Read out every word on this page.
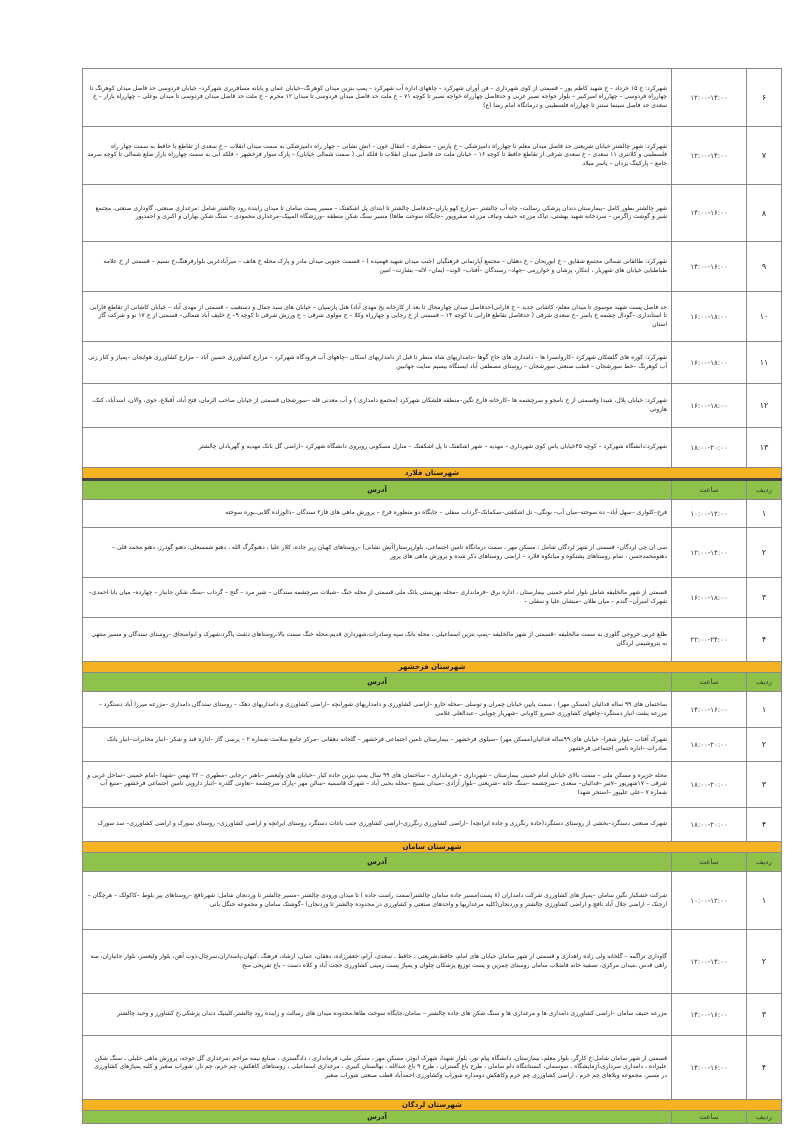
۶	۱۲:۰۰-۱۴:۰۰	شهرکرد: خ ۱۵ خرداد – خ شهید کاظم پور – قسمتی از کوی شهرداری – فن آوران شهرکرد – چاههای اداره آب شهرکرد – پمپ بنزین میدان کوهرنگ–خیابان عمان و پایانه مسافربری شهرکرد– خیابان فردوسی حد فاصل میدان کوهرنگ تا چهارراه فردوسی – چهارراه امیرکبیر – بلوار خواجه نصیر غربی و حدفاصل چهارراه خواجه نصیر تا کوچه ۷۱ – خ ملت حد فاصل میدان فردوسی تا میدان ۱۲ محرم – خ ملت حد فاصل میدان فردوسی تا میدان بوعلی – چهارراه بازار – خ سعدی حد فاصل سینما ستنر تا چهارراه فلسطینی و درمانگاه امام رضا (ع)
۷	۱۲:۰۰-۱۴:۰۰	شهرکرد: شهر چالشتر خیابان شریعتی حد فاصل میدان معلم تا چهارراه دامپزشکی – خ پارس – منتظری – انتقال خون – اتش نشانی – چهار راه دامپزشکی به سمت میدان انقلاب – خ سعدی از تقاطع با حافظ به سمت چهار راه فلسطینی و کلانتری ۱۱ سعدی – خ سعدی شرقی از تقاطع حافظ تا کوچه ۱۶ – خیابان ملت حد فاصل میدان انقلاب تا فلکه آبی ( سمت شمالی خیابان) – پارک سوار فرخشهر – فلکه آبی به سمت چهارراه بازار ضلع شمالی تا کوچه سرمد جامع – پارکینگ یزدان – یاسر میلاد
۸	۱۴:۰۰-۱۶:۰۰	شهر چالشتر بطور کامل –بیمارستان دندان پزشکی رسالت– چاه آب چالشتر –مزارع کهو یاران–حدفاصل چالشتر تا ابتدای پل اشکفتک – مسیر پست سامان تا میدان زاینده رود چالشتر شامل :مرغداری صنعتی، گاوداری صنعتی، مجتمع شیر و گوشت زاگرس – سردخانه شهید بهشتی، تیاک مزرعه حنیف ونیاف مزرعه صفروپور –جایگاه سوخت طاها) مسیر سنگ شکن منطقه –ورزشگاه المپیک–مرغداری محمودی – سنگ شکن بهاران و اکبری و احمدپور
۹	۱۴:۰۰-۱۶:۰۰	شهرکرد: طالقانی شمالی مجتمع شقایق – خ ابوریحان – خ دهقان – مجتمع آپارتمانی فرهنگیان (جنب میدان شهید فهمیده ) – قسمت جنوبی میدان مادر و پارک محله خ هاتف – میرآبادغربی بلوارفرهنگ،خ نسیم – قسمتی از خ علامه طباطبایی خیابان های شهریار ، ابتکار، پزشان و خوارزمی –جهاد– رسندگان –آفتاب– الوند– ایمان– لاله– بشارت– امین
۱۰	۱۶:۰۰-۱۸:۰۰	حد فاصل پست شهید موسوی تا میدان معلم- کاشانی جدید – خ فارابی(حدفاصل میدان چهارمحال تا بعد از کارخانه یخ مهدی آباد) هتل پارسیان – خیابان های سید جمال و دستغیب – قسمتی از مهدی آباد – خیابان کاشانی از تقاطع فارابی تا استانداری –گودال چشمه خ یاسر –خ سعدی شرقی ( حدفاصل تقاطع فارابی تا کوچه ۱۴ – قسمتی از خ رجایی و چهارراه وکلا – خ مولوی شرقی – خ ورزش شرقی تا کوچه ۹– خ خلیف آباد شمالی– قسمتی از خ ۱۷ نو و شرکت گاز استان
۱۱	۱۶:۰۰-۱۸:۰۰	شهرکرد: کوره های گلشکان شهرکرد –کاروانسرا ها – دامداری های حاج گوها –دامداریهای شاه منظر تا قبل از دامداریهای اسکان –چاههای آب فرودگاه شهرکرد – مزارع کشاورزی حسین آباد – مزارع کشاورزی هوایجان –پمپاژ و کنار زنی آب کوهرنگ –خط سورشجان – قطب صنعتی سورشجان – روستای مصطفی آباد ایستگاه بیسیم سایت جهانبین
۱۲	۱۶:۰۰-۱۸:۰۰	شهرکرد: خیابان پلال، شیدا وقسمتی از خ نامجو و سرچشمه ها –کارخانه فارج نگین–منطقه فلشکان شهرکرد (مجتمع دامداری ) و آب معدنی قله –سورشجان قسمتی از خیابان صاحب الزمان، فتح آباد، آقبلاغ، خوی، والان، اسدآباد، کنک، هارونی
۱۳	۱۸:۰۰-۲۰:۰۰	شهرکرد:دانشگاه شهرکرد – کوچه ۴۵خیابان یاس کوی شهرداری – مهدیه – شهر اشکفتک تا پل اشکفتک – منازل مسکونی روبروی دانشگاه شهرکرد –اراضی گل بانک مهدیه و گهربادان چالشتر
شهرستان فلارد		
ردیف	ساعت	آدرس
۱	۱۰:۰۰-۱۲:۰۰	فرخ–کلواری –سهل آباد– ده سوخته–میان آب– بونگی– تل اشکفتی–سکمانک–گرداب سفلی – جایگاه دو منظوره فرخ – پرورش ماهی های فاز۲ سندگان –دالوزاده گلابی،بوره سوخته
۲	۱۲:۰۰-۱۴:۰۰	سی ان چی لردگان– قسمتی از شهر لردگان شامل : مسکن مهر ، سمت درمانگاه تامین اجتماعی، بلوارپرستار(آتش نشانی) –روستاهای کهیان زیر جاده، کلار علیا ، دهنوگرگ الله ، دهنو شمسعلی، دهنو گودرز، دهنو محمد قلی – دهنومحمدحسن ، تمام روستاهای پشتکوه و میانکوه فلارد – اراضی روستاهای ذکر شده و پرورش ماهی های پروز
۳	۱۶:۰۰-۱۸:۰۰	قسمتی از شهر مالخلیفه شامل بلوار امام خمینی بیمارستان ، اداره برق –فرمانداری –محله بهزیستی بانک ملی قسمتی از محله خنگ –شبلات سرچشمه سندگان – شیر مرد – گنج – گرداب –سنگ شکن جانباز – چهارده– میان بابا احمدی–شهرک امیرآن– گندم – میان طلان –میشان علیا و سفلی –
۴	۲۲:۰۰-۲۴:۰۰	طلع غربی خروجی گلوری به سمت مالخلیفه –قسمتی از شهر مالخلیفه –پمپ بنزین اسماعیلی ، محله بانک سپه وصادرات،شهرداری قدیم،محله خنگ سمت بالا،روستاهای دشت پاگرد،شهرک و ابواسحاق –روستای سندگان و مسیر منتهی به پتروشیمی لردگان
شهرستان فرخشهر		
ردیف	ساعت	آدرس
۱	۱۴:۰۰-۱۶:۰۰	ساختمان های ۹۹ ساله فدائیان (مسکن مهر) ، سمت پایین خیابان چمران و توسلی –محله خارو –اراضی کشاورزی و دامداریهای شورابچه –اراضی کشاورزی و دامداریهای دهک – روستای سندگان دامداری –مزرعه میرزا آباد دستگرد –مزرعه پشت انبار دستگرد–چاههای کشاورزی خسرو کاویانی –شهریار چوپانی –عبدالعلی غلامی
۲	۱۸:۰۰-۲۰:۰۰	شهرک آفتاب –بلوار شعرا– خیابان های ۹۹ساله فدائیان(مسکن مهر) –سیلوی فرخشهر – بیمارستان تامین اجتماعی فرخشهر – گلخانه دهقانی –مرکز جامع سلامت شماره ۲ – پرسی گاز –اداره قند و شکر –انبار مخابرات–انبار بانک صادرات –اداره تامین اجتماعی فرخشهر
۳	۱۸:۰۰-۲۰:۰۰	محله جزیره و مسکن ملی – سمت بالای خیابان امام خمینی بیمارستان – شهرداری – فرمانداری – ساختمان های ۹۹ سال پمپ بنزین جاده کیار –خیابان های ولیعصر –باهنر –رجایی –مطهری – ۲۲ بهمن –شهدا –امام خمینی –ساحل غربی و شرقی – ۱۷شهریور –۷تیر –فدائیان– سعدی –سرچشمه –سنگ خانه –شریعتی –بلوار آزادی –میدان بسیج –محله بحبی آباد – شهرک قاسمیه –سالن مهر –پارک سرچشمه –تعاونی گلدره –انبار داروپی تامین اجتماعی فرخشهر –منبع آب شماره ۷ –علی علیپور –استخر شهدا
۴	۱۸:۰۰-۲۰:۰۰	شهرک صنعتی دستگرد–بخشی از روستای دستگرد(جاده رنگرزی و جاده ایرانچه) –اراضی کشاورزی رنگرزی–اراضی کشاورزی جنب باغات دستگرد روستای ایرانچه و اراضی کشاورزی– روستای سورک و اراضی کشاورزی– سد سورک
شهرستان سامان		
ردیف	ساعت	آدرس
۱	۱۰:۰۰-۱۲:۰۰	شرکت خشکبار نگین سامان –پمپاژ های کشاورزی شرکت دامداران (۸ پست)مسیر جاده سامان چالشتر(سمت راست جاده ) تا میدان ورودی چالشتر –مسیر چالشتر تا وردنجان شامل: شهرنافچ –روستاهای پیر بلوط –کاکولک – هرچگان – ارجنک – اراضی جلال آباد نافچ و اراضی کشاورزی چالشتر و وردنجان(کلیه مرغداریها و واحدهای صنعتی و کشاورزی در محدوده چالشتر تا وردنجان) –گوشتک سامان و مجموعه جنگل بانی
۲	۱۲:۰۰-۱۴:۰۰	گاوداری تراگمه – گلخانه ولی زاده راهداری و قسمتی از شهر سامان خیابان های امام، حافظ،شریعتی ، حافظ ، سعدی، آرام، جعفرزاده، دهقان، عمان، ارشاد، فرهنگ ،کیهان،پاسداران،سرچال،ذوب آهن، بلوار ولیعصر، بلوار جانبازان، سه راهی قدس ،میدان مرکزی، تصفیه خانه فاضلاب سامان روستای چمزین و پست توزیع پزشکان چلوان و پمپاژ پست زمینی کشاورزی حجت آباد و کلاه دست – باغ تفریحی منج
۳	۱۴:۰۰-۱۶:۰۰	مزرعه حنیف سامان –اراضی کشاورزی دامداری ها و مرغداری ها و سنگ شکن های جاده چالشتر – سامان،جایگاه سوخت طاها،محدوده میدان های رسالت و زاینده رود چالشتر،کلینیک دندان پزشکی،خ کشاورز و وحید چالشتر
۴	۱۴:۰۰-۱۶:۰۰	قسمتی از شهر سامان شامل:خ کارگر، بلوار معلم، بیمارستان، دانشگاه پیام نور، بلوار شهدا، شهرک ابوذر، مسکن مهر ، مسکن ملی، فرمانداری ، دادگستری ، صنایع نیمه مراجم ،مرغداری گل جوجه، پرورش ماهی خلیلی ، سنگ شکن علیزاده ، دامداری سرداری،آزمایشگاه ، سوسمان، کنستانتگاه دام سامان ، طرح باغ گستران ، طرح ۹ باغ عبدالله ، نهالستان کبیری ، مرغداری اسماعیلی ، روستاهای کاهکش، چم خرم، چم نار، شوراب صغیر و کلیه پمپاژهای کشاورزی در مسیر، مجموعه ویلاهای چم خرم ، اراضی کشاورزی چم خرم وکاهکش دومداره شوراب وکشاورزی احمدآباد قطب صنعتی شوراب صغیر
شهرستان لردگان		
ردیف	ساعت	آدرس
